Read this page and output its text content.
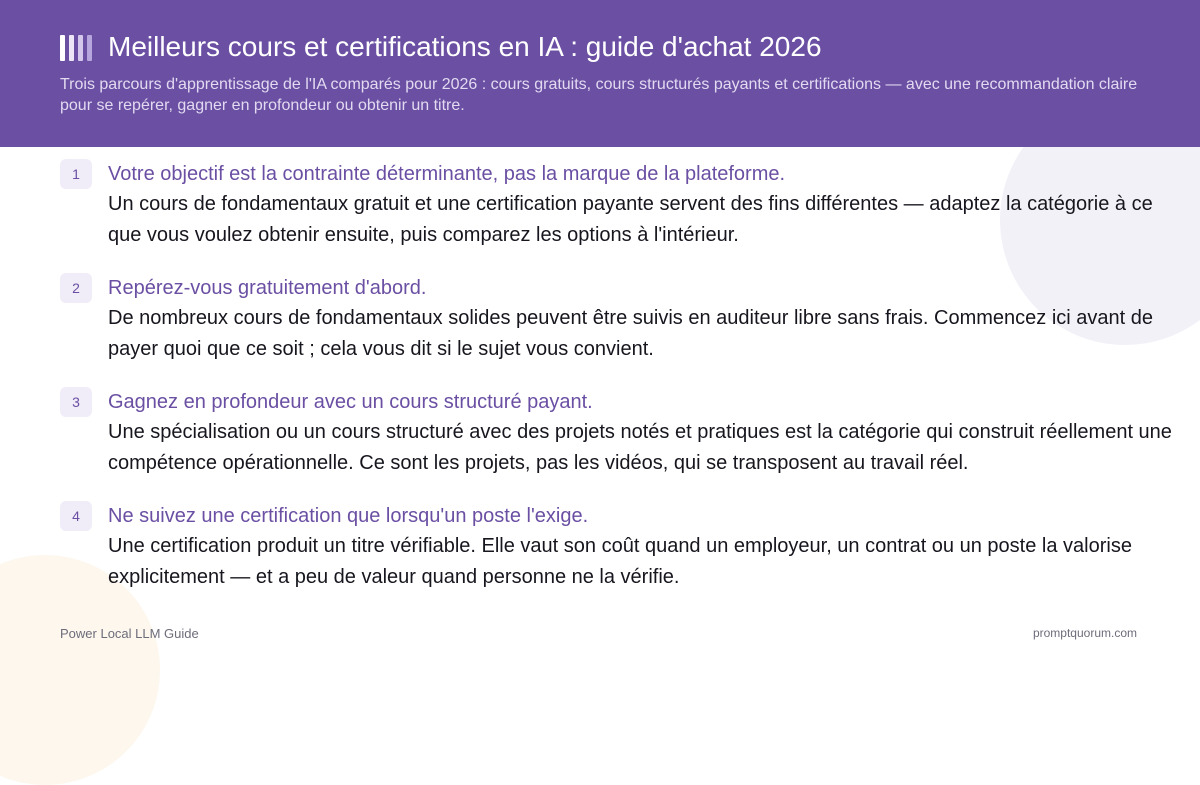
Meilleurs cours et certifications en IA : guide d'achat 2026
Trois parcours d'apprentissage de l'IA comparés pour 2026 : cours gratuits, cours structurés payants et certifications — avec une recommandation claire pour se repérer, gagner en profondeur ou obtenir un titre.
1	Votre objectif est la contrainte déterminante, pas la marque de la plateforme.
Un cours de fondamentaux gratuit et une certification payante servent des fins différentes — adaptez la catégorie à ce que vous voulez obtenir ensuite, puis comparez les options à l'intérieur.
2	Repérez-vous gratuitement d'abord.
De nombreux cours de fondamentaux solides peuvent être suivis en auditeur libre sans frais. Commencez ici avant de payer quoi que ce soit ; cela vous dit si le sujet vous convient.
3	Gagnez en profondeur avec un cours structuré payant.
Une spécialisation ou un cours structuré avec des projets notés et pratiques est la catégorie qui construit réellement une compétence opérationnelle. Ce sont les projets, pas les vidéos, qui se transposent au travail réel.
4	Ne suivez une certification que lorsqu'un poste l'exige.
Une certification produit un titre vérifiable. Elle vaut son coût quand un employeur, un contrat ou un poste la valorise explicitement — et a peu de valeur quand personne ne la vérifie.
Power Local LLM Guide	promptquorum.com
